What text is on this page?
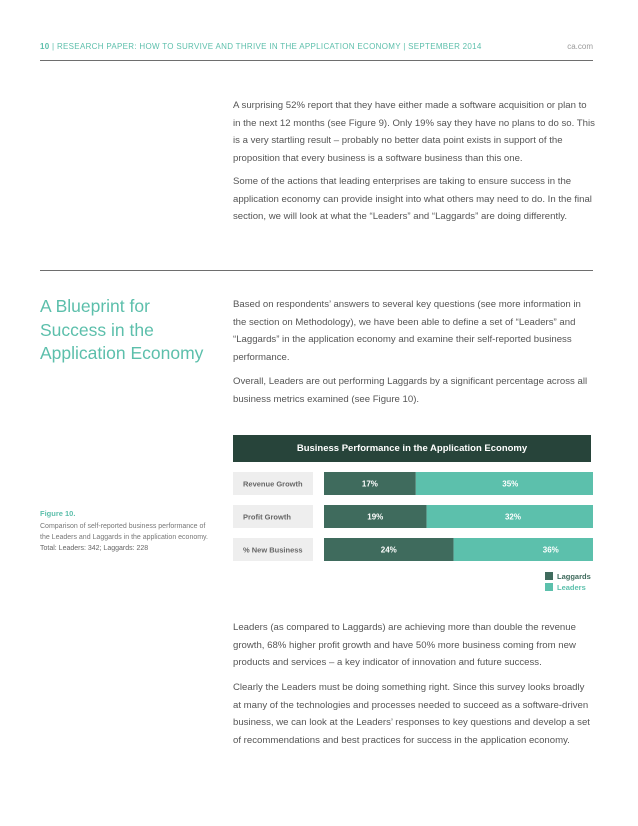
10 | RESEARCH PAPER: HOW TO SURVIVE AND THRIVE IN THE APPLICATION ECONOMY | SEPTEMBER 2014	ca.com

A surprising 52% report that they have either made a software acquisition or plan to in the next 12 months (see Figure 9). Only 19% say they have no plans to do so. This is a very startling result – probably no better data point exists in support of the proposition that every business is a software business than this one.

Some of the actions that leading enterprises are taking to ensure success in the application economy can provide insight into what others may need to do. In the final section, we will look at what the “Leaders” and “Laggards” are doing differently.

A Blueprint for Success in the Application Economy

Based on respondents’ answers to several key questions (see more information in the section on Methodology), we have been able to define a set of “Leaders” and “Laggards” in the application economy and examine their self-reported business performance.

Overall, Leaders are out performing Laggards by a significant percentage across all business metrics examined (see Figure 10).

Figure 10.
Comparison of self-reported business performance of the Leaders and Laggards in the application economy.
Total: Leaders: 342; Laggards: 228
Business Performance in the Application Economy
Revenue Growth	17%	35%
Profit Growth	19%	32%
% New Business	24%	36%
Laggards
Leaders

Leaders (as compared to Laggards) are achieving more than double the revenue growth, 68% higher profit growth and have 50% more business coming from new products and services – a key indicator of innovation and future success.

Clearly the Leaders must be doing something right. Since this survey looks broadly at many of the technologies and processes needed to succeed as a software-driven business, we can look at the Leaders’ responses to key questions and develop a set of recommendations and best practices for success in the application economy.
